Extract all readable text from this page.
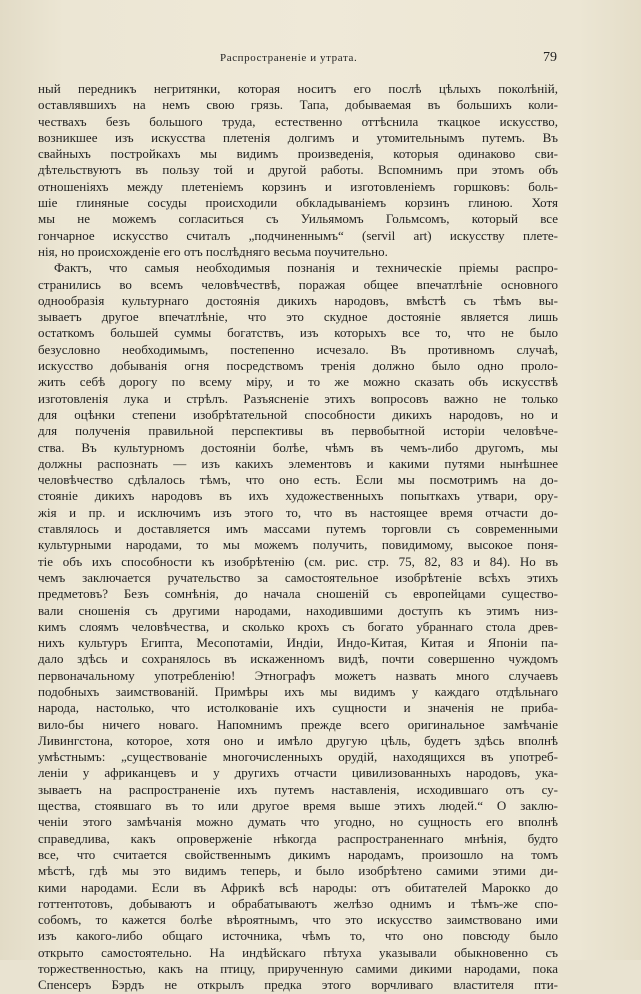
Распространеніе и утрата.	79
ный передникъ негритянки, которая носитъ его послѣ цѣлыхъ поколѣній,
оставлявшихъ на немъ свою грязь. Тапа, добываемая въ большихъ коли-
чествахъ безъ большого труда, естественно оттѣснила ткацкое искусство,
возникшее изъ искусства плетенія долгимъ и утомительнымъ путемъ. Въ
свайныхъ постройкахъ мы видимъ произведенія, которыя одинаково сви-
дѣтельствуютъ въ пользу той и другой работы. Вспомнимъ при этомъ объ
отношеніяхъ между плетеніемъ корзинъ и изготовленіемъ горшковъ: боль-
шіе глиняные сосуды происходили обкладываніемъ корзинъ глиною. Хотя
мы не можемъ согласиться съ Уильямомъ Гольмсомъ, который все
гончарное искусство считалъ „подчиненнымъ“ (servil art) искусству плете-
нія, но происхожденіе его отъ послѣдняго весьма поучительно.
Фактъ, что самыя необходимыя познанія и техническіе пріемы распро-
странились во всемъ человѣчествѣ, поражая общее впечатлѣніе основного
однообразія культурнаго достоянія дикихъ народовъ, вмѣстѣ съ тѣмъ вы-
зываетъ другое впечатлѣніе, что это скудное достояніе является лишь
остаткомъ большей суммы богатствъ, изъ которыхъ все то, что не было
безусловно необходимымъ, постепенно исчезало. Въ противномъ случаѣ,
искусство добыванія огня посредствомъ тренія должно было одно проло-
жить себѣ дорогу по всему міру, и то же можно сказать объ искусствѣ
изготовленія лука и стрѣлъ. Разъясненіе этихъ вопросовъ важно не только
для оцѣнки степени изобрѣтательной способности дикихъ народовъ, но и
для полученія правильной перспективы въ первобытной исторіи человѣче-
ства. Въ культурномъ достояніи болѣе, чѣмъ въ чемъ-либо другомъ, мы
должны распознать — изъ какихъ элементовъ и какими путями нынѣшнее
человѣчество сдѣлалось тѣмъ, что оно есть. Если мы посмотримъ на до-
стояніе дикихъ народовъ въ ихъ художественныхъ попыткахъ утвари, ору-
жія и пр. и исключимъ изъ этого то, что въ настоящее время отчасти до-
ставлялось и доставляется имъ массами путемъ торговли съ современными
культурными народами, то мы можемъ получить, повидимому, высокое поня-
тіе объ ихъ способности къ изобрѣтенію (см. рис. стр. 75, 82, 83 и 84). Но въ
чемъ заключается ручательство за самостоятельное изобрѣтеніе всѣхъ этихъ
предметовъ? Безъ сомнѣнія, до начала сношеній съ европейцами существо-
вали сношенія съ другими народами, находившими доступъ къ этимъ низ-
кимъ слоямъ человѣчества, и сколько крохъ съ богато убраннаго стола древ-
нихъ культуръ Египта, Месопотаміи, Индіи, Индо-Китая, Китая и Японіи па-
дало здѣсь и сохранялось въ искаженномъ видѣ, почти совершенно чуждомъ
первоначальному употребленію! Этнографъ можетъ назвать много случаевъ
подобныхъ заимствованій. Примѣры ихъ мы видимъ у каждаго отдѣльнаго
народа, настолько, что истолкованіе ихъ сущности и значенія не приба-
вило-бы ничего новаго. Напомнимъ прежде всего оригинальное замѣчаніе
Ливингстона, которое, хотя оно и имѣло другую цѣль, будетъ здѣсь вполнѣ
умѣстнымъ: „существованіе многочисленныхъ орудій, находящихся въ употреб-
леніи у африканцевъ и у другихъ отчасти цивилизованныхъ народовъ, ука-
зываетъ на распространеніе ихъ путемъ наставленія, исходившаго отъ су-
щества, стоявшаго въ то или другое время выше этихъ людей.“ О заклю-
ченіи этого замѣчанія можно думать что угодно, но сущность его вполнѣ
справедлива, какъ опроверженіе нѣкогда распространеннаго мнѣнія, будто
все, что считается свойственнымъ дикимъ народамъ, произошло на томъ
мѣстѣ, гдѣ мы это видимъ теперь, и было изобрѣтено самими этими ди-
кими народами. Если въ Африкѣ всѣ народы: отъ обитателей Марокко до
готтентотовъ, добываютъ и обрабатываютъ желѣзо однимъ и тѣмъ-же спо-
собомъ, то кажется болѣе вѣроятнымъ, что это искусство заимствовано ими
изъ какого-либо общаго источника, чѣмъ то, что оно повсюду было
открыто самостоятельно. На индѣйскаго пѣтуха указывали обыкновенно съ
торжественностью, какъ на птицу, прирученную самими дикими народами, пока
Спенсеръ Бэрдъ не открылъ предка этого ворчливаго властителя пти-
